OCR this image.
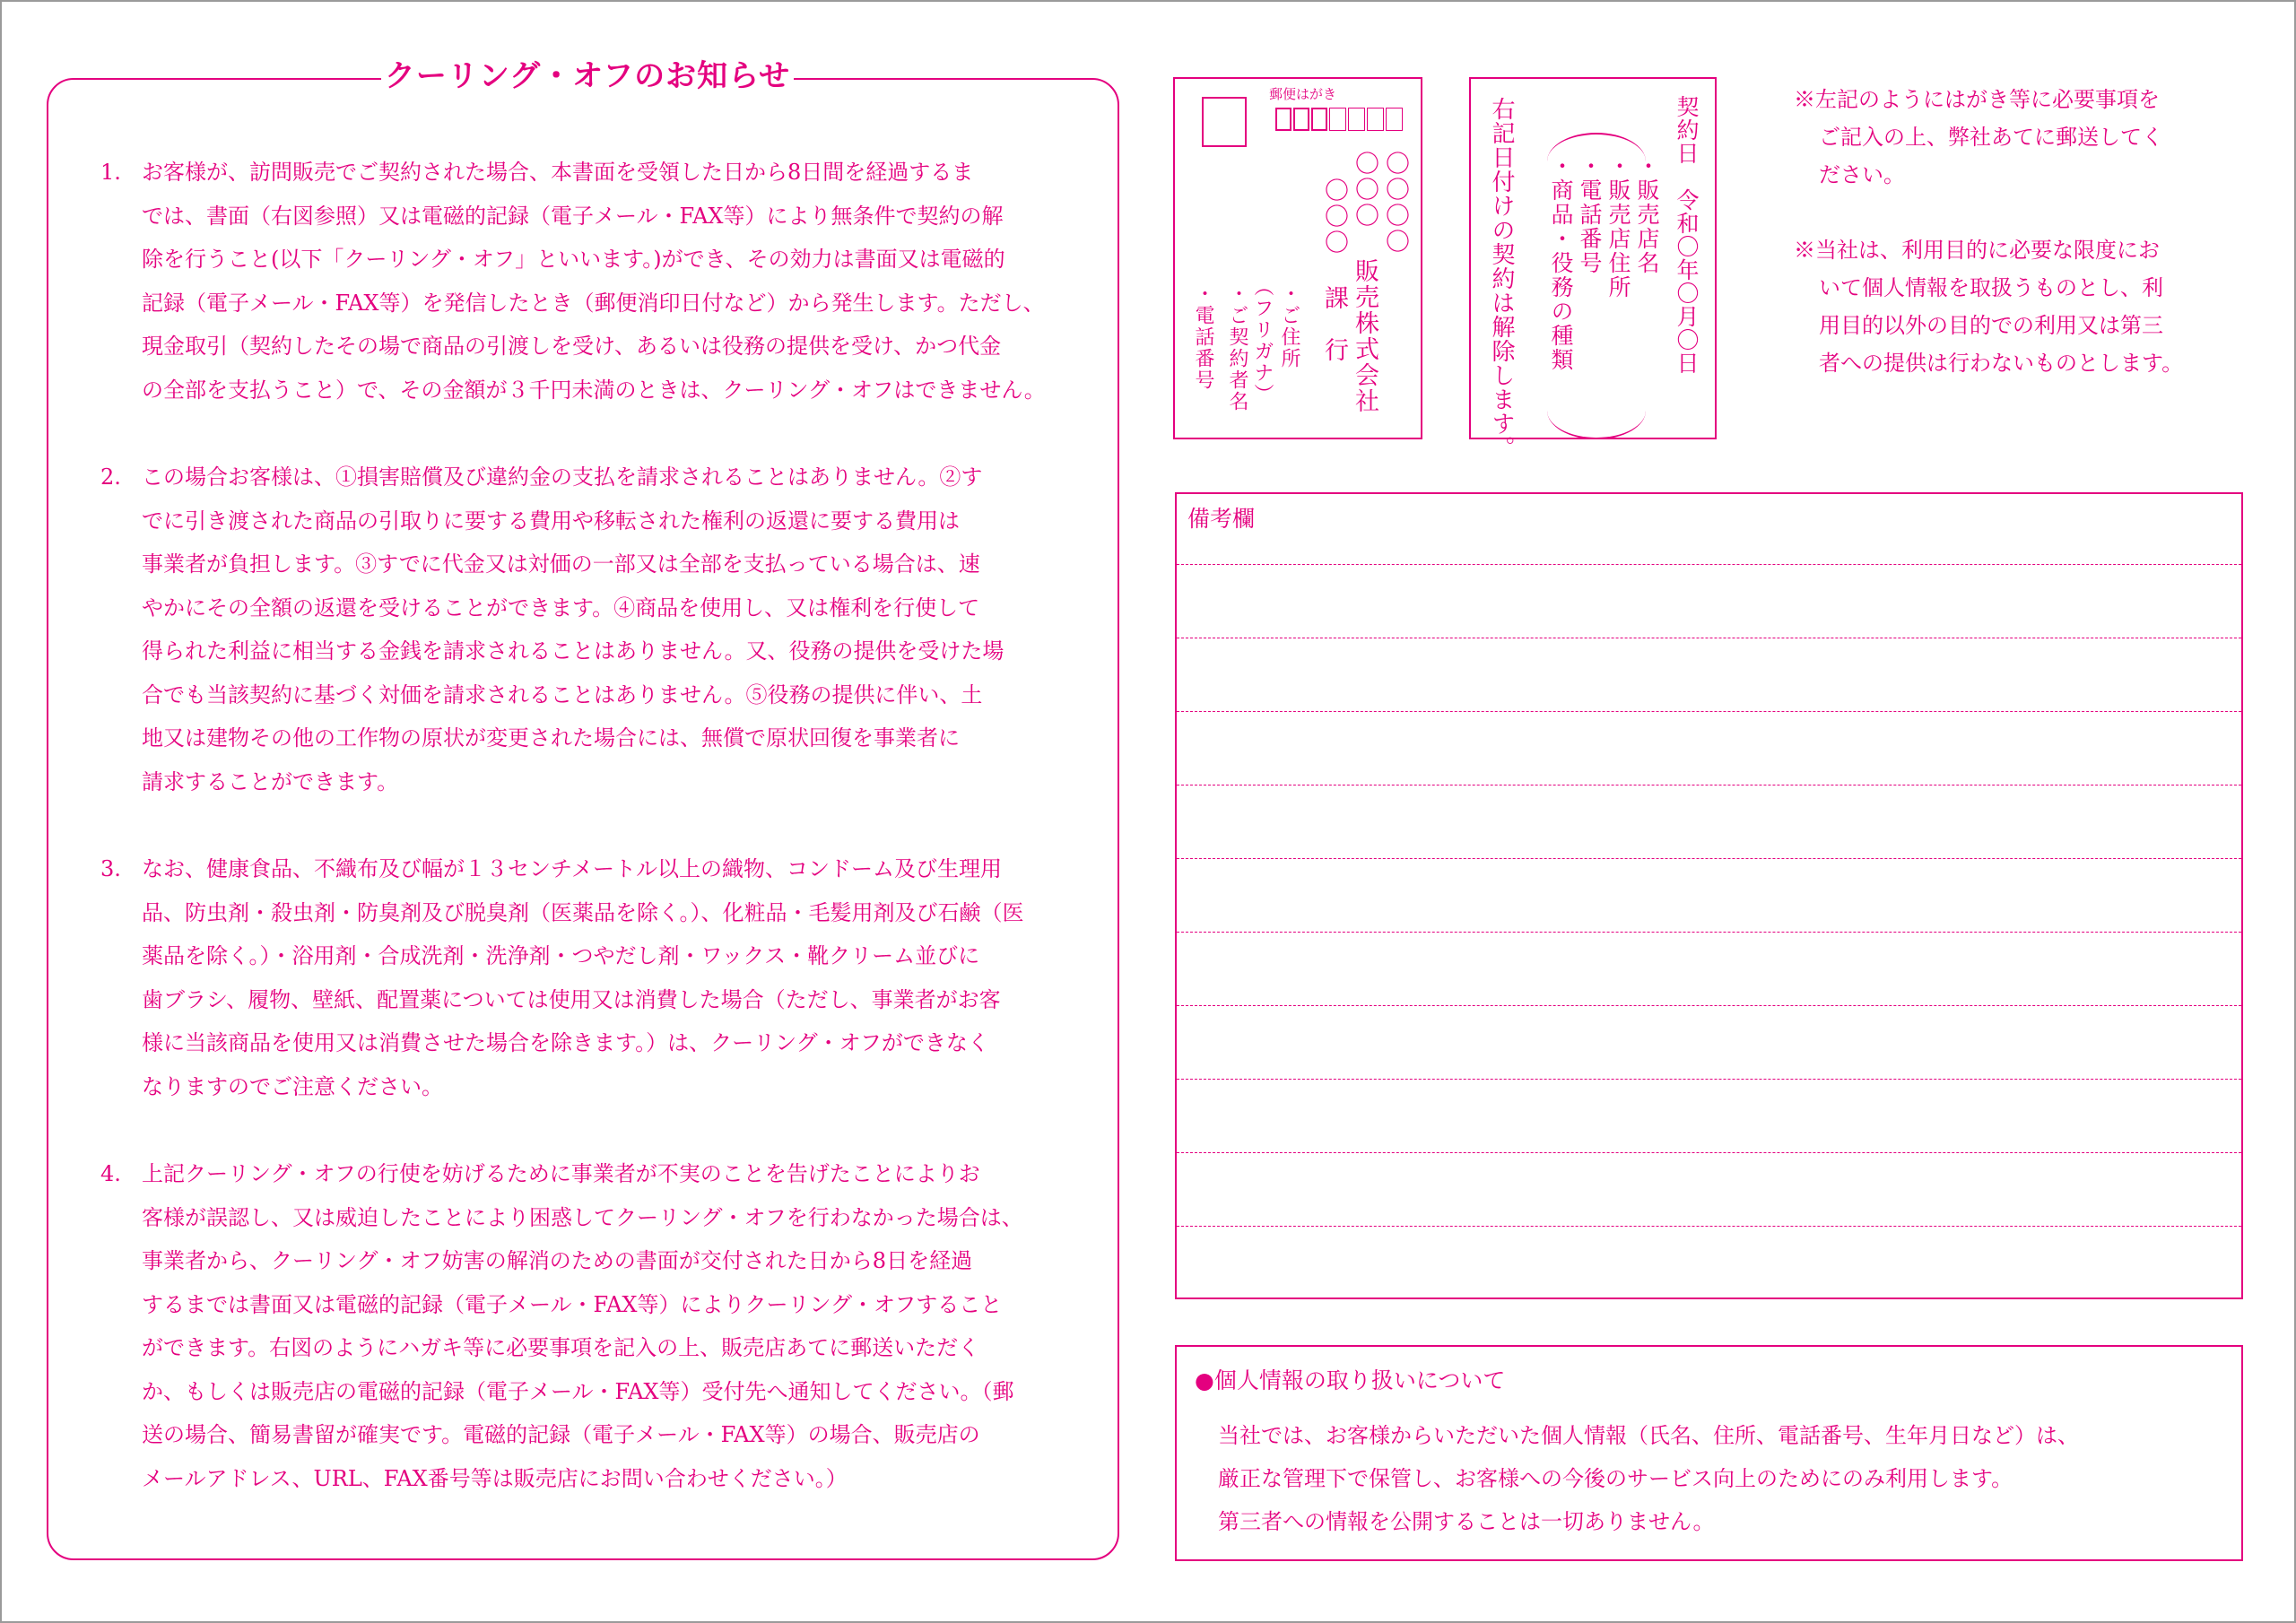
クーリング・オフのお知らせ
1. お客様が、訪問販売でご契約された場合、本書面を受領した日から8日間を経過するま
では、書面（右図参照）又は電磁的記録（電子メール・FAX等）により無条件で契約の解
除を行うこと(以下「クーリング・オフ」といいます。)ができ、その効力は書面又は電磁的
記録（電子メール・FAX等）を発信したとき（郵便消印日付など）から発生します。ただし、
現金取引（契約したその場で商品の引渡しを受け、あるいは役務の提供を受け、かつ代金
の全部を支払うこと）で、その金額が３千円未満のときは、クーリング・オフはできません。
2. この場合お客様は、①損害賠償及び違約金の支払を請求されることはありません。②す
でに引き渡された商品の引取りに要する費用や移転された権利の返還に要する費用は
事業者が負担します。③すでに代金又は対価の一部又は全部を支払っている場合は、速
やかにその全額の返還を受けることができます。④商品を使用し、又は権利を行使して
得られた利益に相当する金銭を請求されることはありません。又、役務の提供を受けた場
合でも当該契約に基づく対価を請求されることはありません。⑤役務の提供に伴い、土
地又は建物その他の工作物の原状が変更された場合には、無償で原状回復を事業者に
請求することができます。
3. なお、健康食品、不織布及び幅が１３センチメートル以上の織物、コンドーム及び生理用
品、防虫剤・殺虫剤・防臭剤及び脱臭剤（医薬品を除く。）、化粧品・毛髪用剤及び石鹸（医
薬品を除く。）・浴用剤・合成洗剤・洗浄剤・つやだし剤・ワックス・靴クリーム並びに
歯ブラシ、履物、壁紙、配置薬については使用又は消費した場合（ただし、事業者がお客
様に当該商品を使用又は消費させた場合を除きます。）は、クーリング・オフができなく
なりますのでご注意ください。
4. 上記クーリング・オフの行使を妨げるために事業者が不実のことを告げたことによりお
客様が誤認し、又は威迫したことにより困惑してクーリング・オフを行わなかった場合は、
事業者から、クーリング・オフ妨害の解消のための書面が交付された日から8日を経過
するまでは書面又は電磁的記録（電子メール・FAX等）によりクーリング・オフすること
ができます。右図のようにハガキ等に必要事項を記入の上、販売店あてに郵送いただく
か、もしくは販売店の電磁的記録（電子メール・FAX等）受付先へ通知してください。（郵
送の場合、簡易書留が確実です。電磁的記録（電子メール・FAX等）の場合、販売店の
メールアドレス、URL、FAX番号等は販売店にお問い合わせください。）
郵便はがき
〇〇〇〇
〇〇〇 販売株式会社
〇〇〇 課　行
・ご住所
（フリガナ）
・ご契約者名
・電話番号	契約日　令和〇年〇月〇日
・販売店名
・販売店住所
・電話番号
・商品・役務の種類
右記日付けの契約は解除します。	※左記のようにはがき等に必要事項を
ご記入の上、弊社あてに郵送してく
ださい。
※当社は、利用目的に必要な限度にお
いて個人情報を取扱うものとし、利
用目的以外の目的での利用又は第三
者への提供は行わないものとします。
備考欄
●個人情報の取り扱いについて
当社では、お客様からいただいた個人情報（氏名、住所、電話番号、生年月日など）は、
厳正な管理下で保管し、お客様への今後のサービス向上のためにのみ利用します。
第三者への情報を公開することは一切ありません。
